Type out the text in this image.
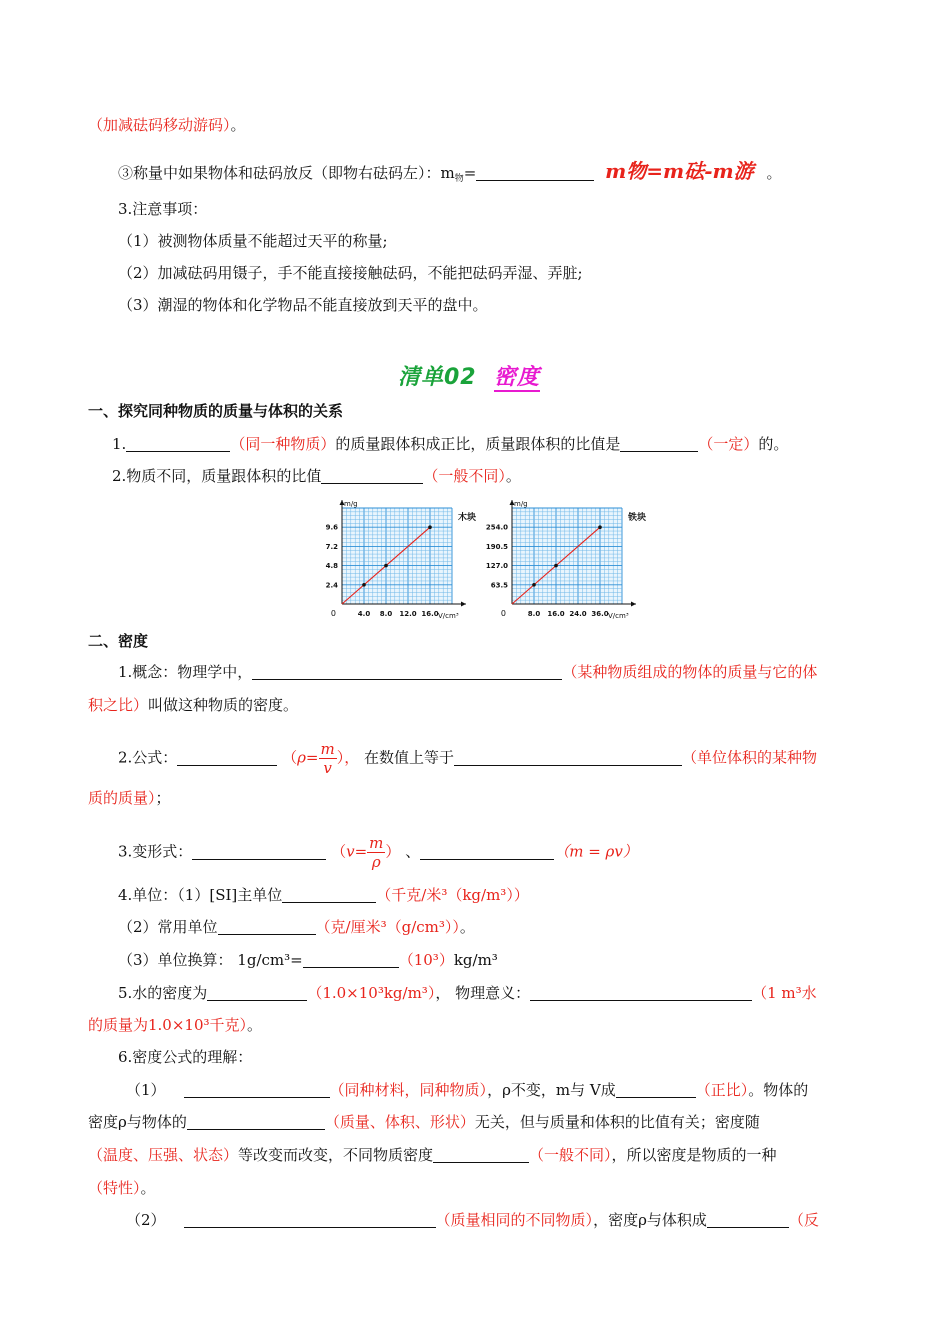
（加减砝码移动游码）。
③称量中如果物体和砝码放反（即物右砝码左）：$m_物=$	m物=m砝-m游 。
3.注意事项：
（1）被测物体质量不能超过天平的称量;
（2）加减砝码用镊子，手不能直接接触砝码，不能把砝码弄湿、弄脏;
（3）潮湿的物体和化学物品不能直接放到天平的盘中。
清单02 密度
一、探究同种物质的质量与体积的关系
1.	（同一种物质）的质量跟体积成正比，质量跟体积的比值是	（一定）的。
2.物质不同，质量跟体积的比值	（一般不同）。
4.0 8.0 12.0 16.0
2.4
4.8
7.2
9.6
0
m/g
V/cm³
木块
8.0 16.0 24.0 36.0
63.5
127.0
190.5
254.0
0
m/g
V/cm³
铁块
二、密度
1.概念：物理学中，	（某种物质组成的物体的质量与它的体
积之比）叫做这种物质的密度。
2.公式：	（$\rho= \frac{m}{v}$ ）， 在数值上等于	（单位体积的某种物
质的质量）；
3.变形式：	（$v= \frac{m}{\rho}$ ） 、	（m = ρv）
4.单位：（1）[SI]主单位	（千克/米³（kg/m³））
（2）常用单位	（克/厘米³（g/cm³））。
（3）单位换算： 1g/cm³=	（10³）kg/m³
5.水的密度为	（1.0×10³kg/m³）， 物理意义：	（1 m³水
的质量为1.0×10³千克）。
6.密度公式的理解：
（1）	（同种材料，同种物质），ρ不变，m与 V成	（正比）。物体的
密度ρ与物体的	（质量、体积、形状）无关，但与质量和体积的比值有关；密度随
（温度、压强、状态）等改变而改变，不同物质密度	（一般不同），所以密度是物质的一种
（特性）。
（2）	（质量相同的不同物质），密度ρ与体积成	（反
